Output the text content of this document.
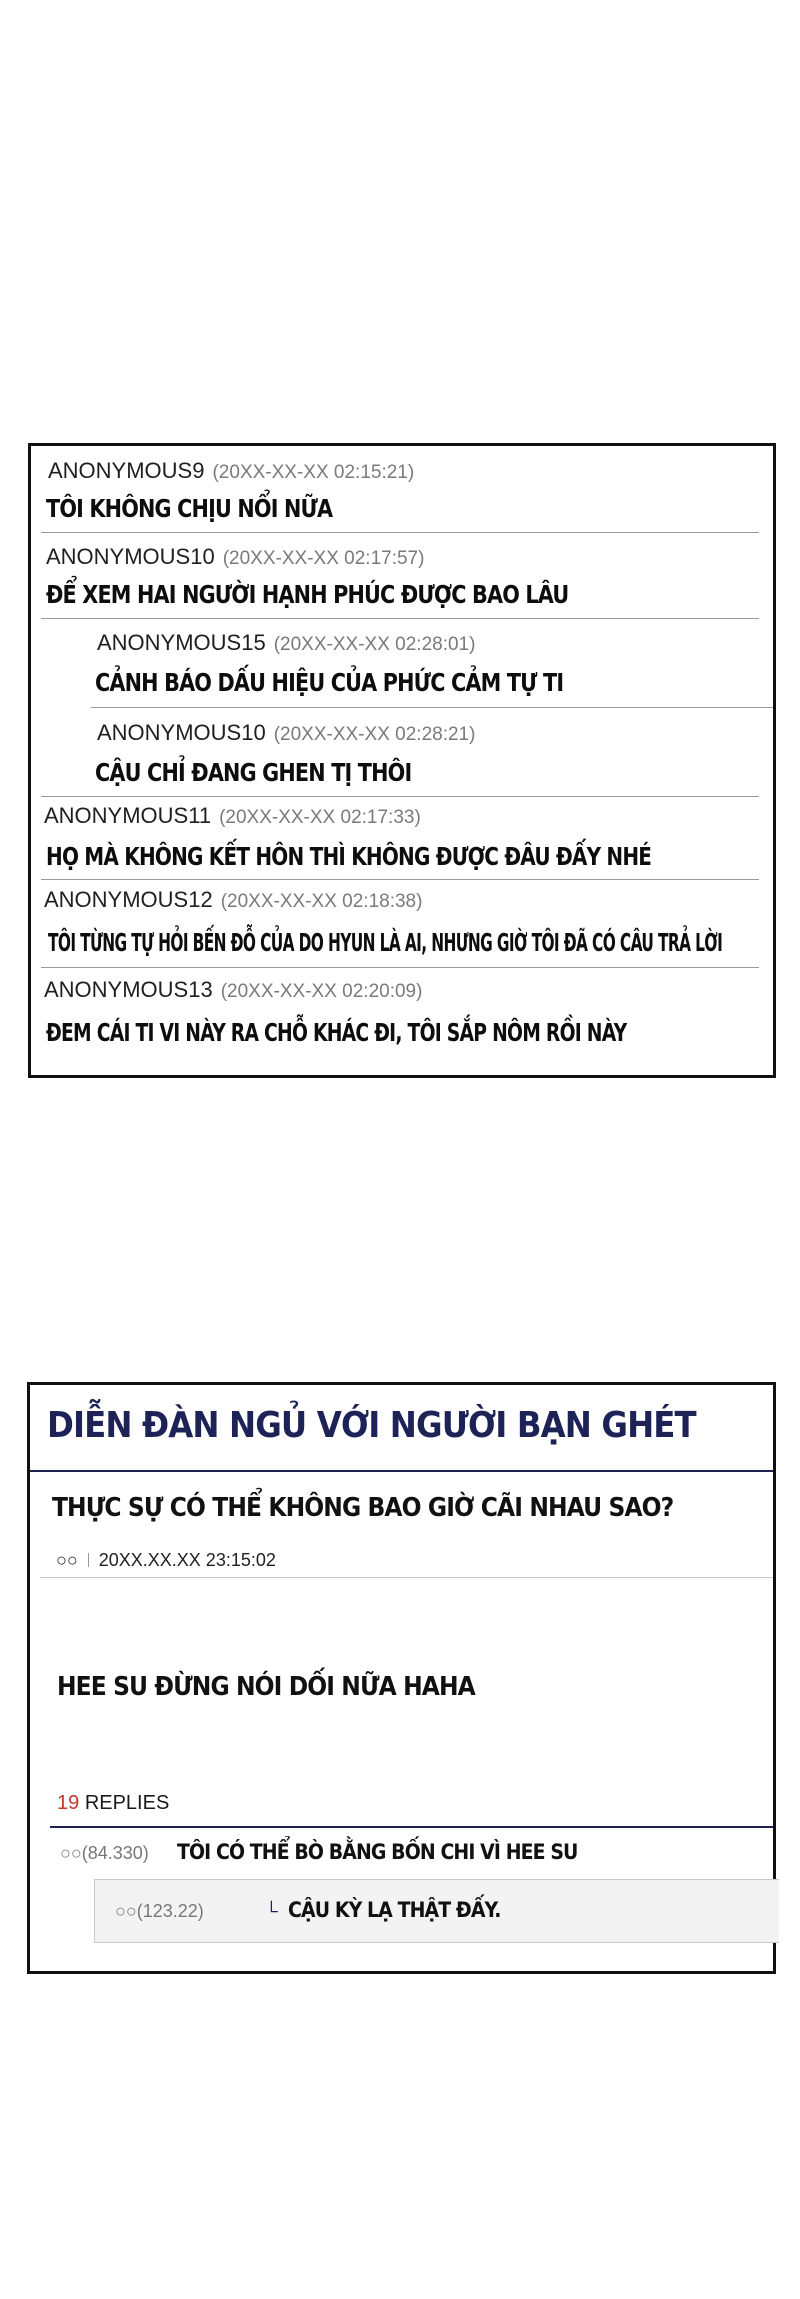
ANONYMOUS9 (20XX-XX-XX 02:15:21)
TÔI KHÔNG CHỊU NỔI NỮA
ANONYMOUS10 (20XX-XX-XX 02:17:57)
ĐỂ XEM HAI NGƯỜI HẠNH PHÚC ĐƯỢC BAO LÂU
ANONYMOUS15 (20XX-XX-XX 02:28:01)
CẢNH BÁO DẤU HIỆU CỦA PHỨC CẢM TỰ TI
ANONYMOUS10 (20XX-XX-XX 02:28:21)
CẬU CHỈ ĐANG GHEN TỊ THÔI
ANONYMOUS11 (20XX-XX-XX 02:17:33)
HỌ MÀ KHÔNG KẾT HÔN THÌ KHÔNG ĐƯỢC ĐÂU ĐẤY NHÉ
ANONYMOUS12 (20XX-XX-XX 02:18:38)
TÔI TỪNG TỰ HỎI BẾN ĐỖ CỦA DO HYUN LÀ AI, NHƯNG GIỜ TÔI ĐÃ CÓ CÂU TRẢ LỜI
ANONYMOUS13 (20XX-XX-XX 02:20:09)
ĐEM CÁI TI VI NÀY RA CHỖ KHÁC ĐI, TÔI SẮP NÔM RỒI NÀY
DIỄN ĐÀN NGỦ VỚI NGƯỜI BẠN GHÉT
THỰC SỰ CÓ THỂ KHÔNG BAO GIỜ CÃI NHAU SAO?
○○ 20XX.XX.XX 23:15:02
HEE SU ĐỪNG NÓI DỐI NỮA HAHA
19 REPLIES
○○(84.330) TÔI CÓ THỂ BÒ BẰNG BỐN CHI VÌ HEE SU
○○(123.22)	└ CẬU KỲ LẠ THẬT ĐẤY.
